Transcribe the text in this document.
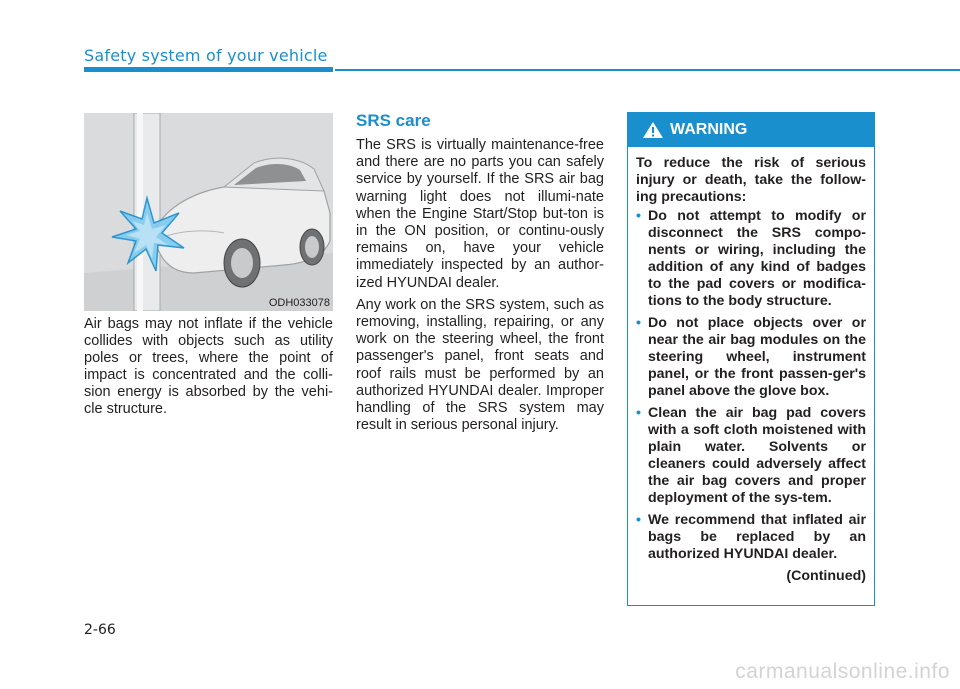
Safety system of your vehicle
ODH033078
Air bags may not inflate if the vehicle collides with objects such as utility poles or trees, where the point of impact is concentrated and the colli-sion energy is absorbed by the vehi-cle structure.
SRS care

The SRS is virtually maintenance-free and there are no parts you can safely service by yourself. If the SRS air bag warning light does not illumi-nate when the Engine Start/Stop but-ton is in the ON position, or continu-ously remains on, have your vehicle immediately inspected by an author-ized HYUNDAI dealer.

Any work on the SRS system, such as removing, installing, repairing, or any work on the steering wheel, the front passenger's panel, front seats and roof rails must be performed by an authorized HYUNDAI dealer. Improper handling of the SRS system may result in serious personal injury.

WARNING

To reduce the risk of serious injury or death, take the follow-ing precautions:

• Do not attempt to modify or disconnect the SRS compo-nents or wiring, including the addition of any kind of badges to the pad covers or modifica-tions to the body structure.
• Do not place objects over or near the air bag modules on the steering wheel, instrument panel, or the front passen-ger's panel above the glove box.
• Clean the air bag pad covers with a soft cloth moistened with plain water. Solvents or cleaners could adversely affect the air bag covers and proper deployment of the sys-tem.
• We recommend that inflated air bags be replaced by an authorized HYUNDAI dealer.
(Continued)
2-66
carmanualsonline.info
